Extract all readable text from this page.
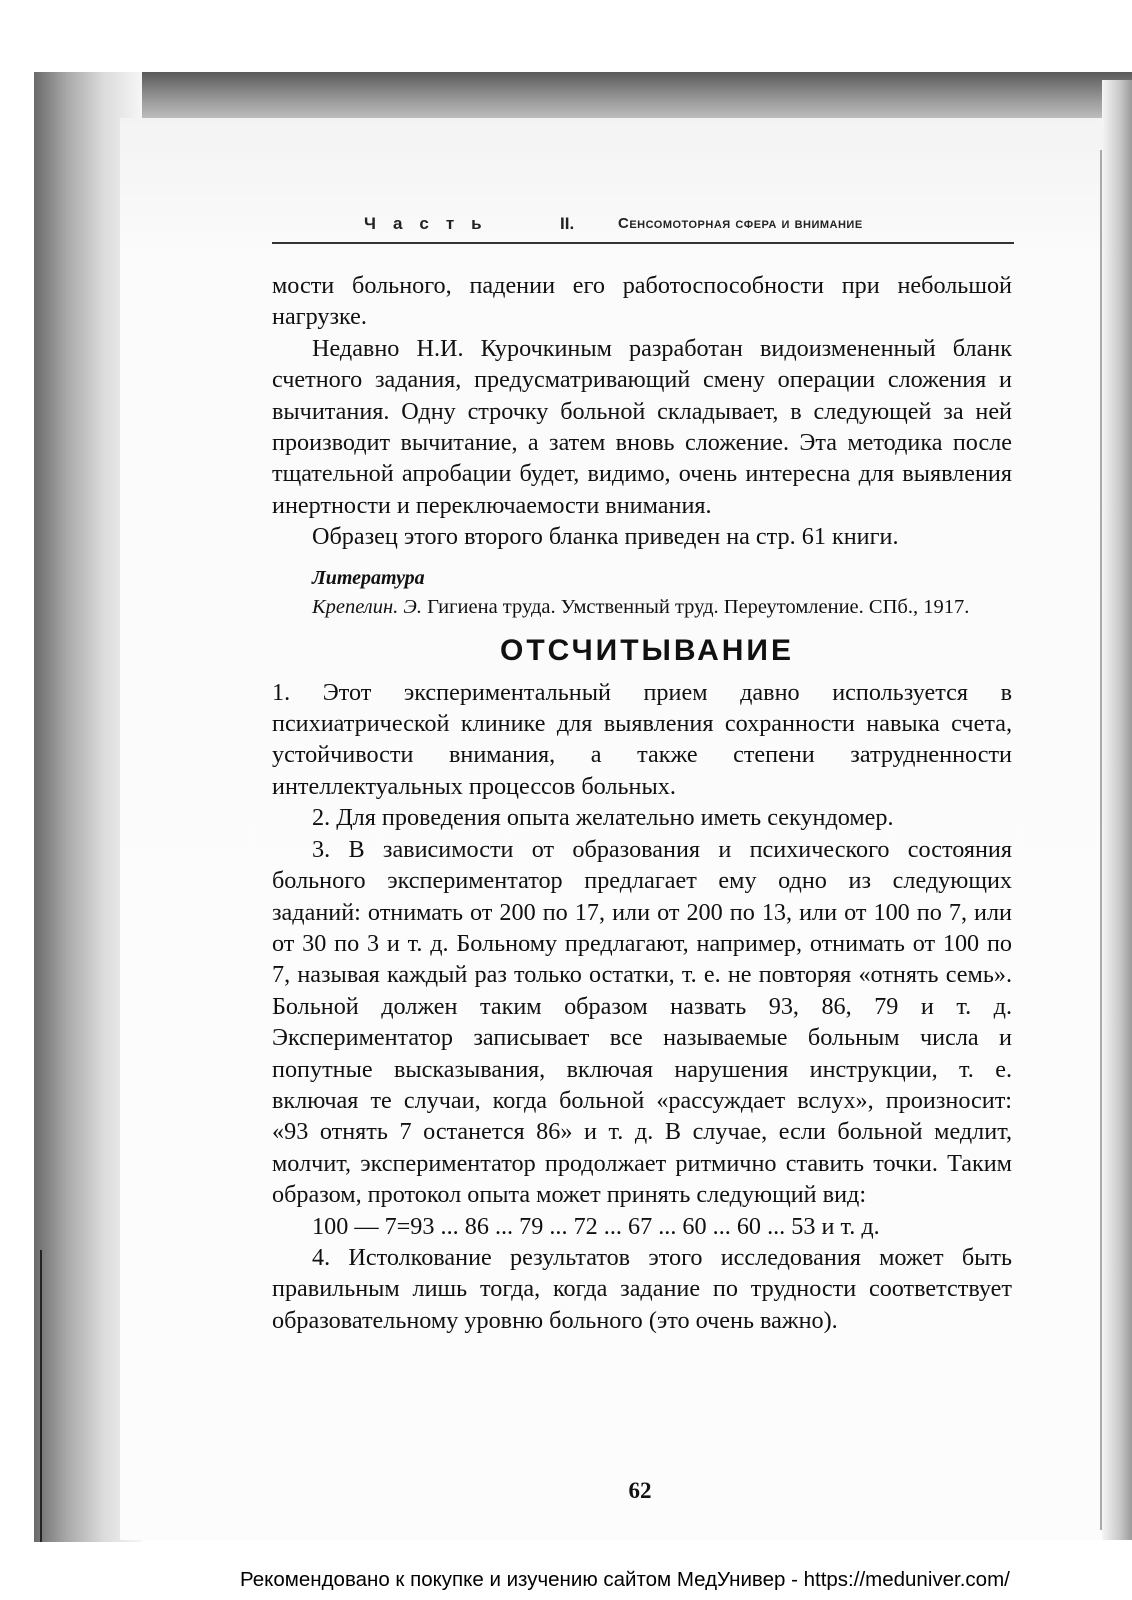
Часть	II.	Сенсомоторная сфера и внимание

мости больного, падении его работоспособности при небольшой нагрузке.

Недавно Н.И. Курочкиным разработан видоизмененный бланк счетного задания, предусматривающий смену операции сложения и вычитания. Одну строчку больной складывает, в следующей за ней производит вычитание, а затем вновь сложение. Эта методика после тщательной апробации будет, видимо, очень интересна для выявления инертности и переключаемости внимания.

Образец этого второго бланка приведен на стр. 61 книги.

Литература

Крепелин. Э. Гигиена труда. Умственный труд. Переутомление. СПб., 1917.

ОТСЧИТЫВАНИЕ

1. Этот экспериментальный прием давно используется в психиатрической клинике для выявления сохранности навыка счета, устойчивости внимания, а также степени затрудненности интеллектуальных процессов больных.

2. Для проведения опыта желательно иметь секундомер.

3. В зависимости от образования и психического состояния больного экспериментатор предлагает ему одно из следующих заданий: отнимать от 200 по 17, или от 200 по 13, или от 100 по 7, или от 30 по 3 и т. д. Больному предлагают, например, отнимать от 100 по 7, называя каждый раз только остатки, т. е. не повторяя «отнять семь». Больной должен таким образом назвать 93, 86, 79 и т. д. Экспериментатор записывает все называемые больным числа и попутные высказывания, включая нарушения инструкции, т. е. включая те случаи, когда больной «рассуждает вслух», произносит: «93 отнять 7 останется 86» и т. д. В случае, если больной медлит, молчит, экспериментатор продолжает ритмично ставить точки. Таким образом, протокол опыта может принять следующий вид:

100 — 7=93 ... 86 ... 79 ... 72 ... 67 ... 60 ... 60 ... 53 и т. д.

4. Истолкование результатов этого исследования может быть правильным лишь тогда, когда задание по трудности соответствует образовательному уровню больного (это очень важно).

62
Рекомендовано к покупке и изучению сайтом МедУнивер - https://meduniver.com/
